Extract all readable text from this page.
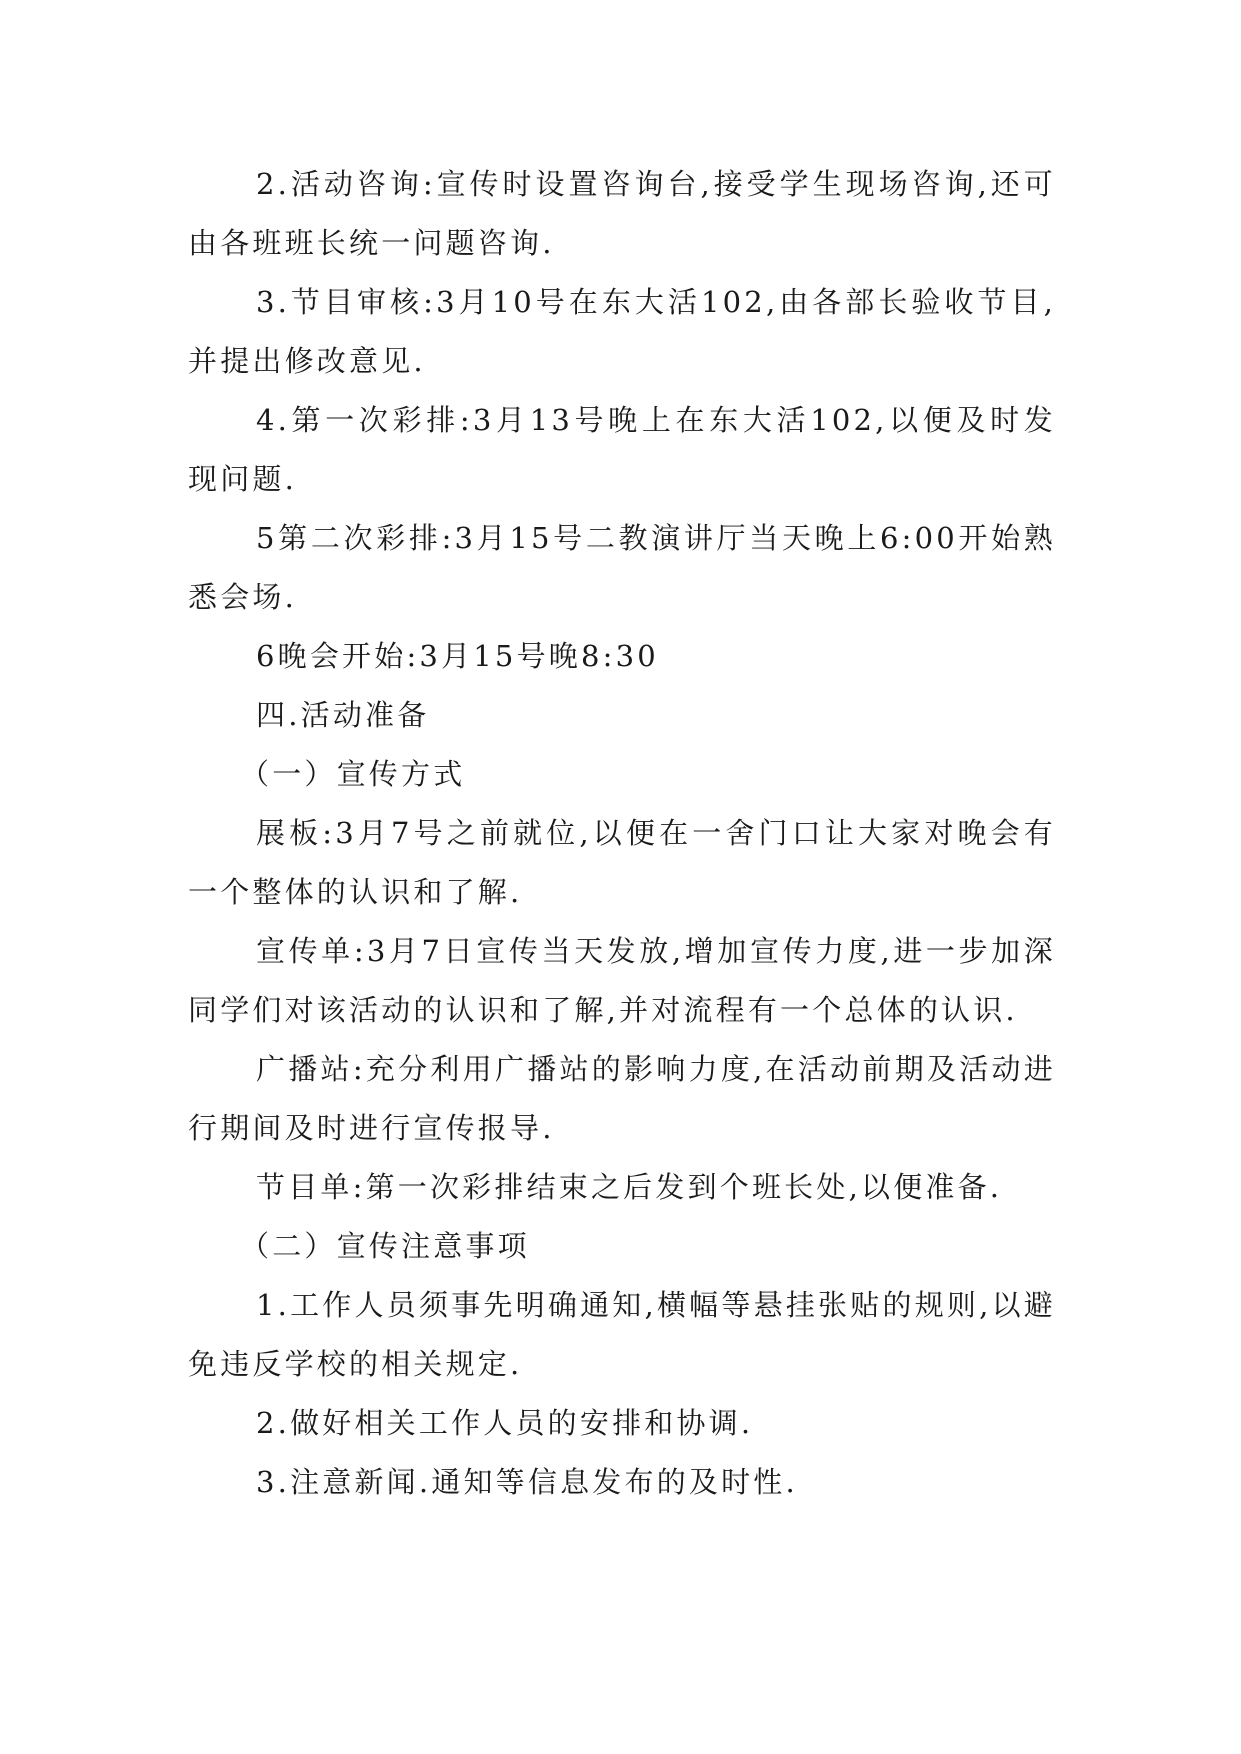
2.活动咨询:宣传时设置咨询台,接受学生现场咨询,还可由各班班长统一问题咨询.

3.节目审核:3月10号在东大活102,由各部长验收节目,并提出修改意见.

4.第一次彩排:3月13号晚上在东大活102,以便及时发现问题.

5第二次彩排:3月15号二教演讲厅当天晚上6:00开始熟悉会场.

6晚会开始:3月15号晚8:30

四.活动准备

（一）宣传方式

展板:3月7号之前就位,以便在一舍门口让大家对晚会有一个整体的认识和了解.

宣传单:3月7日宣传当天发放,增加宣传力度,进一步加深同学们对该活动的认识和了解,并对流程有一个总体的认识.

广播站:充分利用广播站的影响力度,在活动前期及活动进行期间及时进行宣传报导.

节目单:第一次彩排结束之后发到个班长处,以便准备.

（二）宣传注意事项

1.工作人员须事先明确通知,横幅等悬挂张贴的规则,以避免违反学校的相关规定.

2.做好相关工作人员的安排和协调.

3.注意新闻.通知等信息发布的及时性.
